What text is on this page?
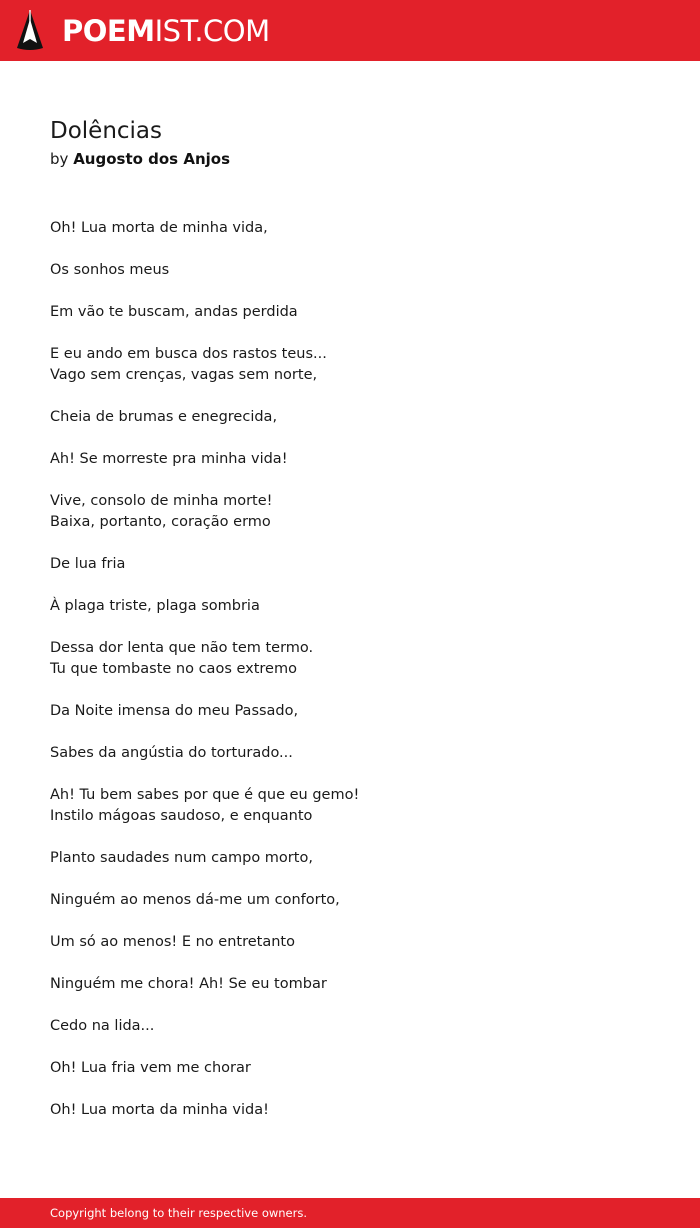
POEMIST.COM
Dolências
by Augosto dos Anjos

Oh! Lua morta de minha vida,

Os sonhos meus

Em vão te buscam, andas perdida

E eu ando em busca dos rastos teus...
Vago sem crenças, vagas sem norte,

Cheia de brumas e enegrecida,

Ah! Se morreste pra minha vida!

Vive, consolo de minha morte!
Baixa, portanto, coração ermo

De lua fria

À plaga triste, plaga sombria

Dessa dor lenta que não tem termo.
Tu que tombaste no caos extremo

Da Noite imensa do meu Passado,

Sabes da angústia do torturado...

Ah! Tu bem sabes por que é que eu gemo!
Instilo mágoas saudoso, e enquanto

Planto saudades num campo morto,

Ninguém ao menos dá-me um conforto,

Um só ao menos! E no entretanto

Ninguém me chora! Ah! Se eu tombar

Cedo na lida...

Oh! Lua fria vem me chorar

Oh! Lua morta da minha vida!

Copyright belong to their respective owners.
